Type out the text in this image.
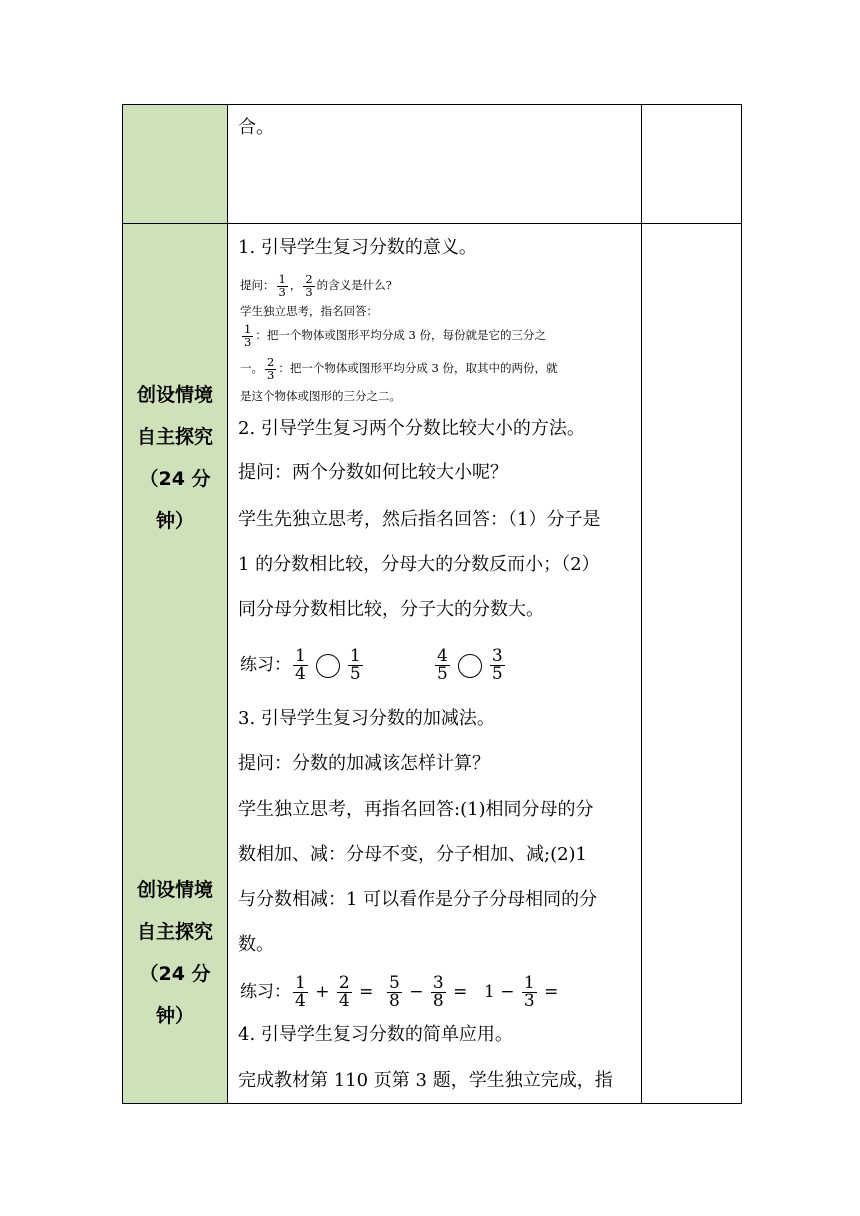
合。
创设情境
自主探究
（24 分
钟）
创设情境
自主探究
（24 分
钟）
1. 引导学生复习分数的意义。
提问： $\frac{1}{3}$ ， $\frac{2}{3}$ 的含义是什么?
学生独立思考，指名回答：
$\frac{1}{3}$ ：把一个物体或图形平均分成 3 份，每份就是它的三分之
一。 $\frac{2}{3}$ ：把一个物体或图形平均分成 3 份，取其中的两份，就
是这个物体或图形的三分之二。
2. 引导学生复习两个分数比较大小的方法。
提问：两个分数如何比较大小呢？
学生先独立思考，然后指名回答：（1）分子是
1 的分数相比较，分母大的分数反而小；（2）
同分母分数相比较，分子大的分数大。
练习： $\frac{1}{4} \frac{1}{5}$	$\frac{4}{5} \frac{3}{5}$
3. 引导学生复习分数的加减法。
提问：分数的加减该怎样计算？
学生独立思考，再指名回答:(1)相同分母的分
数相加、减：分母不变，分子相加、减;(2)1
与分数相减：1 可以看作是分子分母相同的分
数。
练习： $\frac{1}{4} + \frac{2}{4} = \frac{5}{8} - \frac{3}{8} = 1 - \frac{1}{3}$ =
4. 引导学生复习分数的简单应用。
完成教材第 110 页第 3 题，学生独立完成，指
